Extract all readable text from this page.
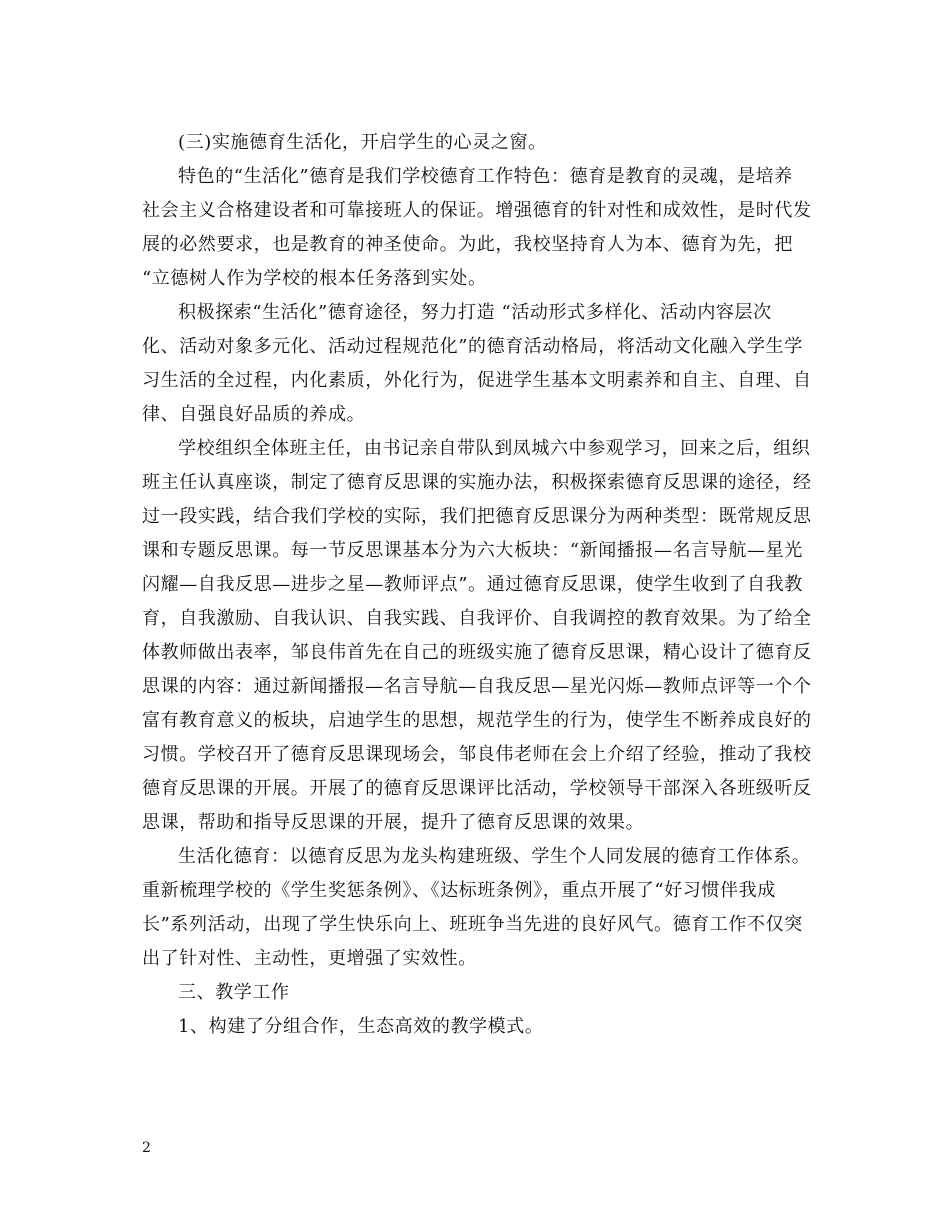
(三)实施德育生活化，开启学生的心灵之窗。
特色的“生活化”德育是我们学校德育工作特色：德育是教育的灵魂，是培养
社会主义合格建设者和可靠接班人的保证。增强德育的针对性和成效性，是时代发
展的必然要求，也是教育的神圣使命。为此，我校坚持育人为本、德育为先，把
“立德树人作为学校的根本任务落到实处。
积极探索“生活化”德育途径，努力打造 “活动形式多样化、活动内容层次
化、活动对象多元化、活动过程规范化”的德育活动格局，将活动文化融入学生学
习生活的全过程，内化素质，外化行为，促进学生基本文明素养和自主、自理、自
律、自强良好品质的养成。
学校组织全体班主任，由书记亲自带队到凤城六中参观学习，回来之后，组织
班主任认真座谈，制定了德育反思课的实施办法，积极探索德育反思课的途径，经
过一段实践，结合我们学校的实际，我们把德育反思课分为两种类型：既常规反思
课和专题反思课。每一节反思课基本分为六大板块：“新闻播报—名言导航—星光
闪耀—自我反思—进步之星—教师评点”。通过德育反思课，使学生收到了自我教
育，自我激励、自我认识、自我实践、自我评价、自我调控的教育效果。为了给全
体教师做出表率，邹良伟首先在自己的班级实施了德育反思课，精心设计了德育反
思课的内容：通过新闻播报—名言导航—自我反思—星光闪烁—教师点评等一个个
富有教育意义的板块，启迪学生的思想，规范学生的行为，使学生不断养成良好的
习惯。学校召开了德育反思课现场会，邹良伟老师在会上介绍了经验，推动了我校
德育反思课的开展。开展了的德育反思课评比活动，学校领导干部深入各班级听反
思课，帮助和指导反思课的开展，提升了德育反思课的效果。
生活化德育：以德育反思为龙头构建班级、学生个人同发展的德育工作体系。
重新梳理学校的《学生奖惩条例》、《达标班条例》，重点开展了“好习惯伴我成
长”系列活动，出现了学生快乐向上、班班争当先进的良好风气。德育工作不仅突
出了针对性、主动性，更增强了实效性。
三、教学工作
1、构建了分组合作，生态高效的教学模式。
2
